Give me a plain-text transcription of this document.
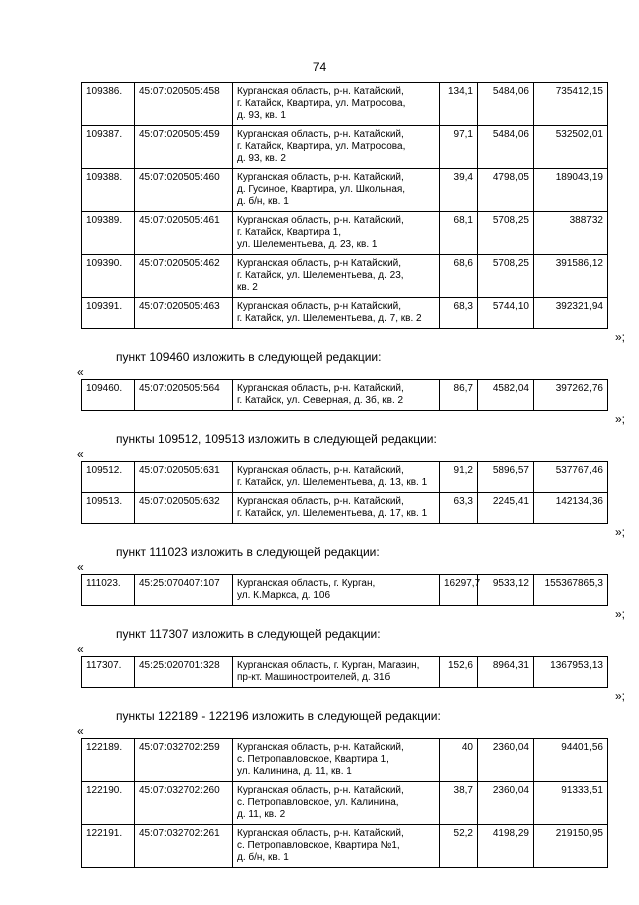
74
109386.	45:07:020505:458	Курганская область, р-н. Катайский,
г. Катайск, Квартира, ул. Матросова,
д. 93, кв. 1	134,1	5484,06	735412,15
109387.	45:07:020505:459	Курганская область, р-н. Катайский,
г. Катайск, Квартира, ул. Матросова,
д. 93, кв. 2	97,1	5484,06	532502,01
109388.	45:07:020505:460	Курганская область, р-н. Катайский,
д. Гусиное, Квартира, ул. Школьная,
д. б/н, кв. 1	39,4	4798,05	189043,19
109389.	45:07:020505:461	Курганская область, р-н. Катайский,
г. Катайск, Квартира 1,
ул. Шелементьева, д. 23, кв. 1	68,1	5708,25	388732
109390.	45:07:020505:462	Курганская область, р-н Катайский,
г. Катайск, ул. Шелементьева, д. 23,
кв. 2	68,6	5708,25	391586,12
109391.	45:07:020505:463	Курганская область, р-н Катайский,
г. Катайск, ул. Шелементьева, д. 7, кв. 2	68,3	5744,10	392321,94
»;
пункт 109460 изложить в следующей редакции:
«
109460.	45:07:020505:564	Курганская область, р-н. Катайский,
г. Катайск, ул. Северная, д. 3б, кв. 2	86,7	4582,04	397262,76
»;
пункты 109512, 109513 изложить в следующей редакции:
«
109512.	45:07:020505:631	Курганская область, р-н. Катайский,
г. Катайск, ул. Шелементьева, д. 13, кв. 1	91,2	5896,57	537767,46
109513.	45:07:020505:632	Курганская область, р-н. Катайский,
г. Катайск, ул. Шелементьева, д. 17, кв. 1	63,3	2245,41	142134,36
»;
пункт 111023 изложить в следующей редакции:
«
111023.	45:25:070407:107	Курганская область, г. Курган,
ул. К.Маркса, д. 106	16297,7	9533,12	155367865,3
»;
пункт 117307 изложить в следующей редакции:
«
117307.	45:25:020701:328	Курганская область, г. Курган, Магазин,
пр-кт. Машиностроителей, д. 31б	152,6	8964,31	1367953,13
»;
пункты 122189 - 122196 изложить в следующей редакции:
«
122189.	45:07:032702:259	Курганская область, р-н. Катайский,
с. Петропавловское, Квартира 1,
ул. Калинина, д. 11, кв. 1	40	2360,04	94401,56
122190.	45:07:032702:260	Курганская область, р-н. Катайский,
с. Петропавловское, ул. Калинина,
д. 11, кв. 2	38,7	2360,04	91333,51
122191.	45:07:032702:261	Курганская область, р-н. Катайский,
с. Петропавловское, Квартира №1,
д. б/н, кв. 1	52,2	4198,29	219150,95
